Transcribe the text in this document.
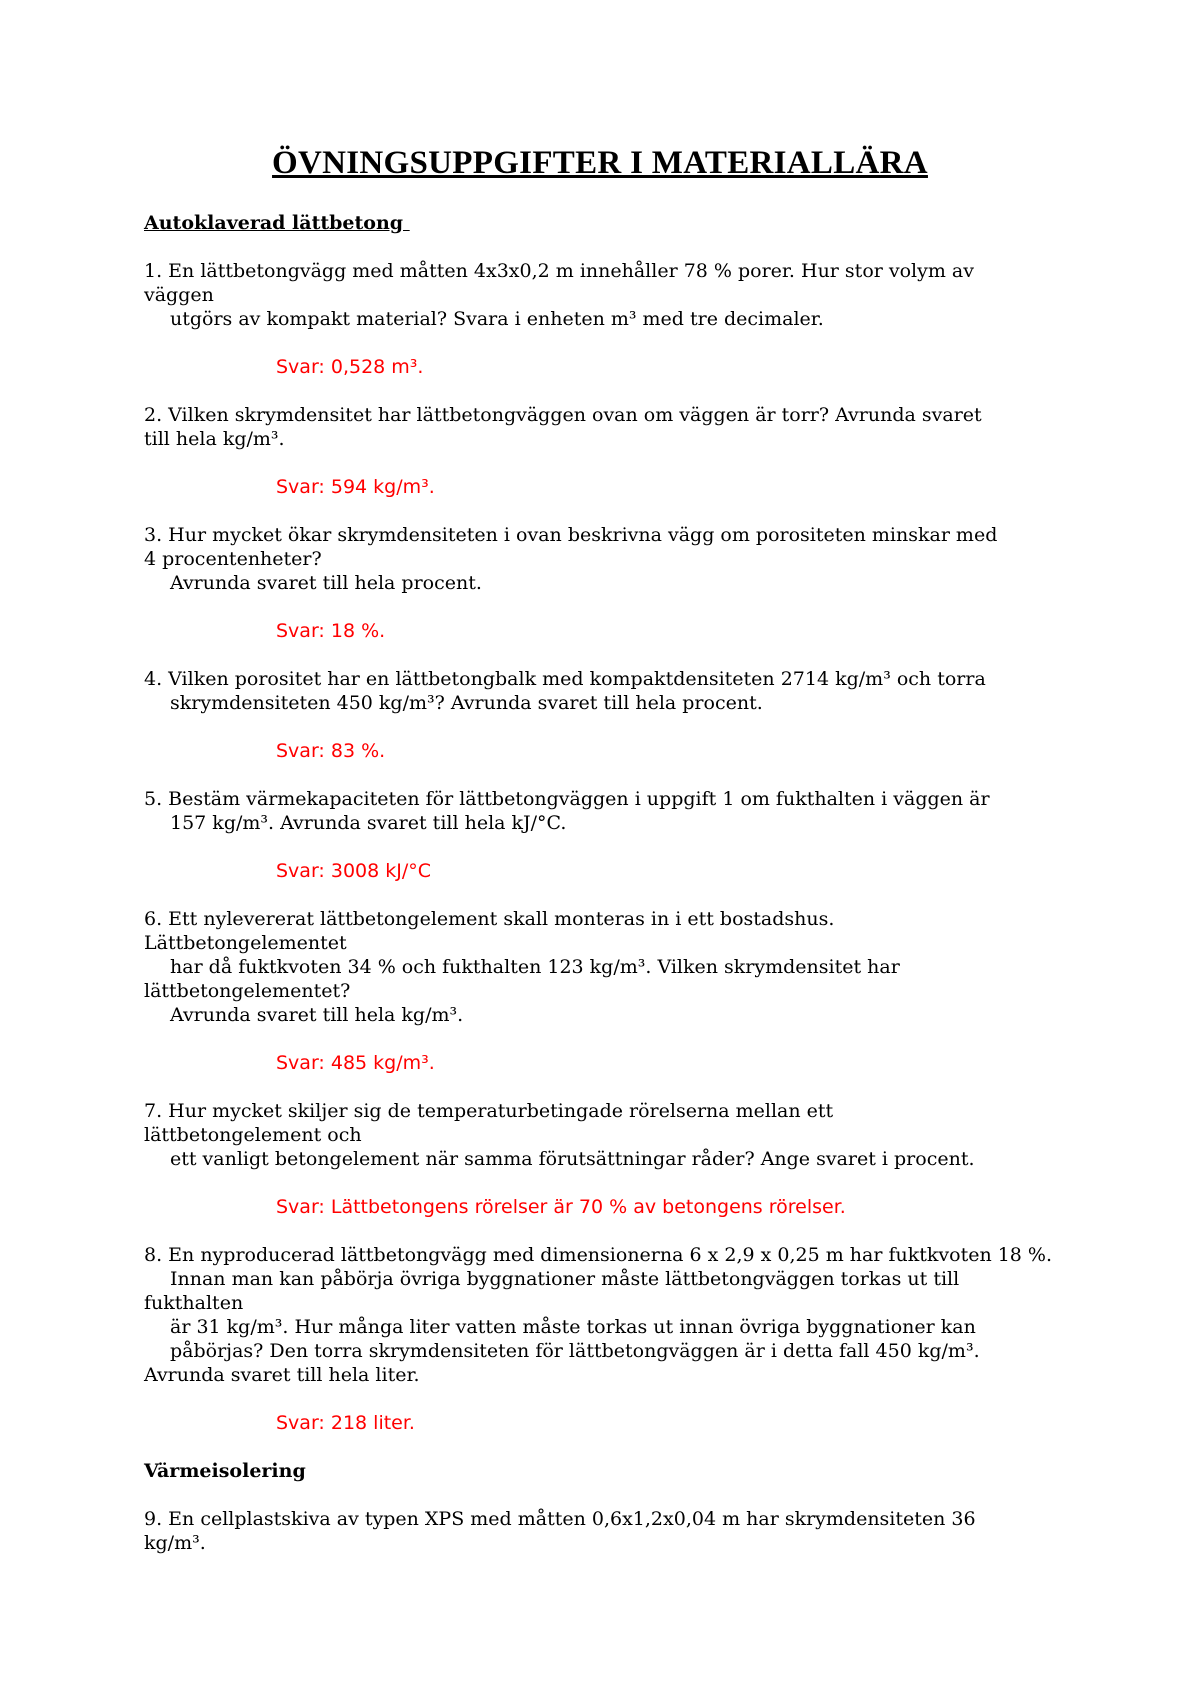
ÖVNINGSUPPGIFTER I MATERIALLÄRA

Autoklaverad lättbetong

1. En lättbetongvägg med måtten 4x3x0,2 m innehåller 78 % porer. Hur stor volym av

väggen

utgörs av kompakt material? Svara i enheten m³ med tre decimaler.

Svar: 0,528 m³.

2. Vilken skrymdensitet har lättbetongväggen ovan om väggen är torr? Avrunda svaret

till hela kg/m³.

Svar: 594 kg/m³.

3. Hur mycket ökar skrymdensiteten i ovan beskrivna vägg om porositeten minskar med

4 procentenheter?

Avrunda svaret till hela procent.

Svar: 18 %.

4. Vilken porositet har en lättbetongbalk med kompaktdensiteten 2714 kg/m³ och torra

skrymdensiteten 450 kg/m³? Avrunda svaret till hela procent.

Svar: 83 %.

5. Bestäm värmekapaciteten för lättbetongväggen i uppgift 1 om fukthalten i väggen är

157 kg/m³. Avrunda svaret till hela kJ/°C.

Svar: 3008 kJ/°C

6. Ett nylevererat lättbetongelement skall monteras in i ett bostadshus.

Lättbetongelementet

har då fuktkvoten 34 % och fukthalten 123 kg/m³. Vilken skrymdensitet har

lättbetongelementet?

Avrunda svaret till hela kg/m³.

Svar: 485 kg/m³.

7. Hur mycket skiljer sig de temperaturbetingade rörelserna mellan ett

lättbetongelement och

ett vanligt betongelement när samma förutsättningar råder? Ange svaret i procent.

Svar: Lättbetongens rörelser är 70 % av betongens rörelser.

8. En nyproducerad lättbetongvägg med dimensionerna 6 x 2,9 x 0,25 m har fuktkvoten 18 %.

Innan man kan påbörja övriga byggnationer måste lättbetongväggen torkas ut till

fukthalten

är 31 kg/m³. Hur många liter vatten måste torkas ut innan övriga byggnationer kan

påbörjas? Den torra skrymdensiteten för lättbetongväggen är i detta fall 450 kg/m³.

Avrunda svaret till hela liter.

Svar: 218 liter.

Värmeisolering

9. En cellplastskiva av typen XPS med måtten 0,6x1,2x0,04 m har skrymdensiteten 36

kg/m³.
